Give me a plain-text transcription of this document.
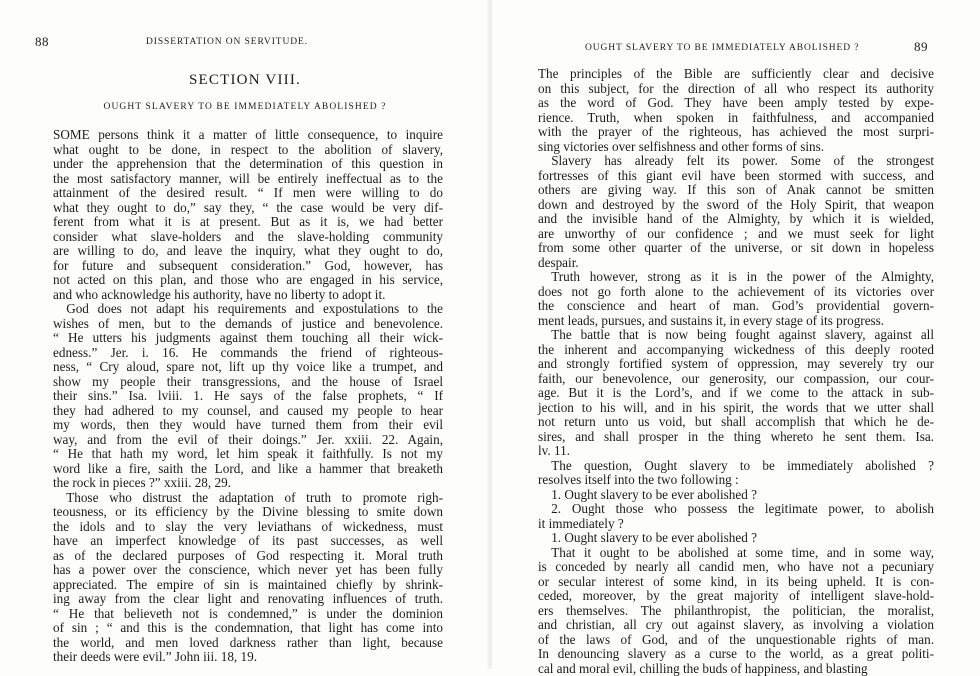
88	DISSERTATION ON SERVITUDE.
SECTION VIII.
OUGHT SLAVERY TO BE IMMEDIATELY ABOLISHED ?
SOME persons think it a matter of little consequence, to inquire
what ought to be done, in respect to the abolition of slavery,
under the apprehension that the determination of this question in
the most satisfactory manner, will be entirely ineffectual as to the
attainment of the desired result. “ If men were willing to do
what they ought to do,” say they, “ the case would be very dif-
ferent from what it is at present. But as it is, we had better
consider what slave-holders and the slave-holding community
are willing to do, and leave the inquiry, what they ought to do,
for future and subsequent consideration.” God, however, has
not acted on this plan, and those who are engaged in his service,
and who acknowledge his authority, have no liberty to adopt it.
 God does not adapt his requirements and expostulations to the
wishes of men, but to the demands of justice and benevolence.
“ He utters his judgments against them touching all their wick-
edness.” Jer. i. 16. He commands the friend of righteous-
ness, “ Cry aloud, spare not, lift up thy voice like a trumpet, and
show my people their transgressions, and the house of Israel
their sins.” Isa. lviii. 1. He says of the false prophets, “ If
they had adhered to my counsel, and caused my people to hear
my words, then they would have turned them from their evil
way, and from the evil of their doings.” Jer. xxiii. 22. Again,
“ He that hath my word, let him speak it faithfully. Is not my
word like a fire, saith the Lord, and like a hammer that breaketh
the rock in pieces ?” xxiii. 28, 29.
 Those who distrust the adaptation of truth to promote righ-
teousness, or its efficiency by the Divine blessing to smite down
the idols and to slay the very leviathans of wickedness, must
have an imperfect knowledge of its past successes, as well
as of the declared purposes of God respecting it. Moral truth
has a power over the conscience, which never yet has been fully
appreciated. The empire of sin is maintained chiefly by shrink-
ing away from the clear light and renovating influences of truth.
“ He that believeth not is condemned,” is under the dominion
of sin ; “ and this is the condemnation, that light has come into
the world, and men loved darkness rather than light, because
their deeds were evil.” John iii. 18, 19.
OUGHT SLAVERY TO BE IMMEDIATELY ABOLISHED ?	89
The principles of the Bible are sufficiently clear and decisive
on this subject, for the direction of all who respect its authority
as the word of God. They have been amply tested by expe-
rience. Truth, when spoken in faithfulness, and accompanied
with the prayer of the righteous, has achieved the most surpri-
sing victories over selfishness and other forms of sins.
 Slavery has already felt its power. Some of the strongest
fortresses of this giant evil have been stormed with success, and
others are giving way. If this son of Anak cannot be smitten
down and destroyed by the sword of the Holy Spirit, that weapon
and the invisible hand of the Almighty, by which it is wielded,
are unworthy of our confidence ; and we must seek for light
from some other quarter of the universe, or sit down in hopeless
despair.
 Truth however, strong as it is in the power of the Almighty,
does not go forth alone to the achievement of its victories over
the conscience and heart of man. God’s providential govern-
ment leads, pursues, and sustains it, in every stage of its progress.
 The battle that is now being fought against slavery, against all
the inherent and accompanying wickedness of this deeply rooted
and strongly fortified system of oppression, may severely try our
faith, our benevolence, our generosity, our compassion, our cour-
age. But it is the Lord’s, and if we come to the attack in sub-
jection to his will, and in his spirit, the words that we utter shall
not return unto us void, but shall accomplish that which he de-
sires, and shall prosper in the thing whereto he sent them. Isa.
lv. 11.
 The question, Ought slavery to be immediately abolished ?
resolves itself into the two following :
 1. Ought slavery to be ever abolished ?
 2. Ought those who possess the legitimate power, to abolish
it immediately ?
 1. Ought slavery to be ever abolished ?
 That it ought to be abolished at some time, and in some way,
is conceded by nearly all candid men, who have not a pecuniary
or secular interest of some kind, in its being upheld. It is con-
ceded, moreover, by the great majority of intelligent slave-hold-
ers themselves. The philanthropist, the politician, the moralist,
and christian, all cry out against slavery, as involving a violation
of the laws of God, and of the unquestionable rights of man.
In denouncing slavery as a curse to the world, as a great politi-
cal and moral evil, chilling the buds of happiness, and blasting
